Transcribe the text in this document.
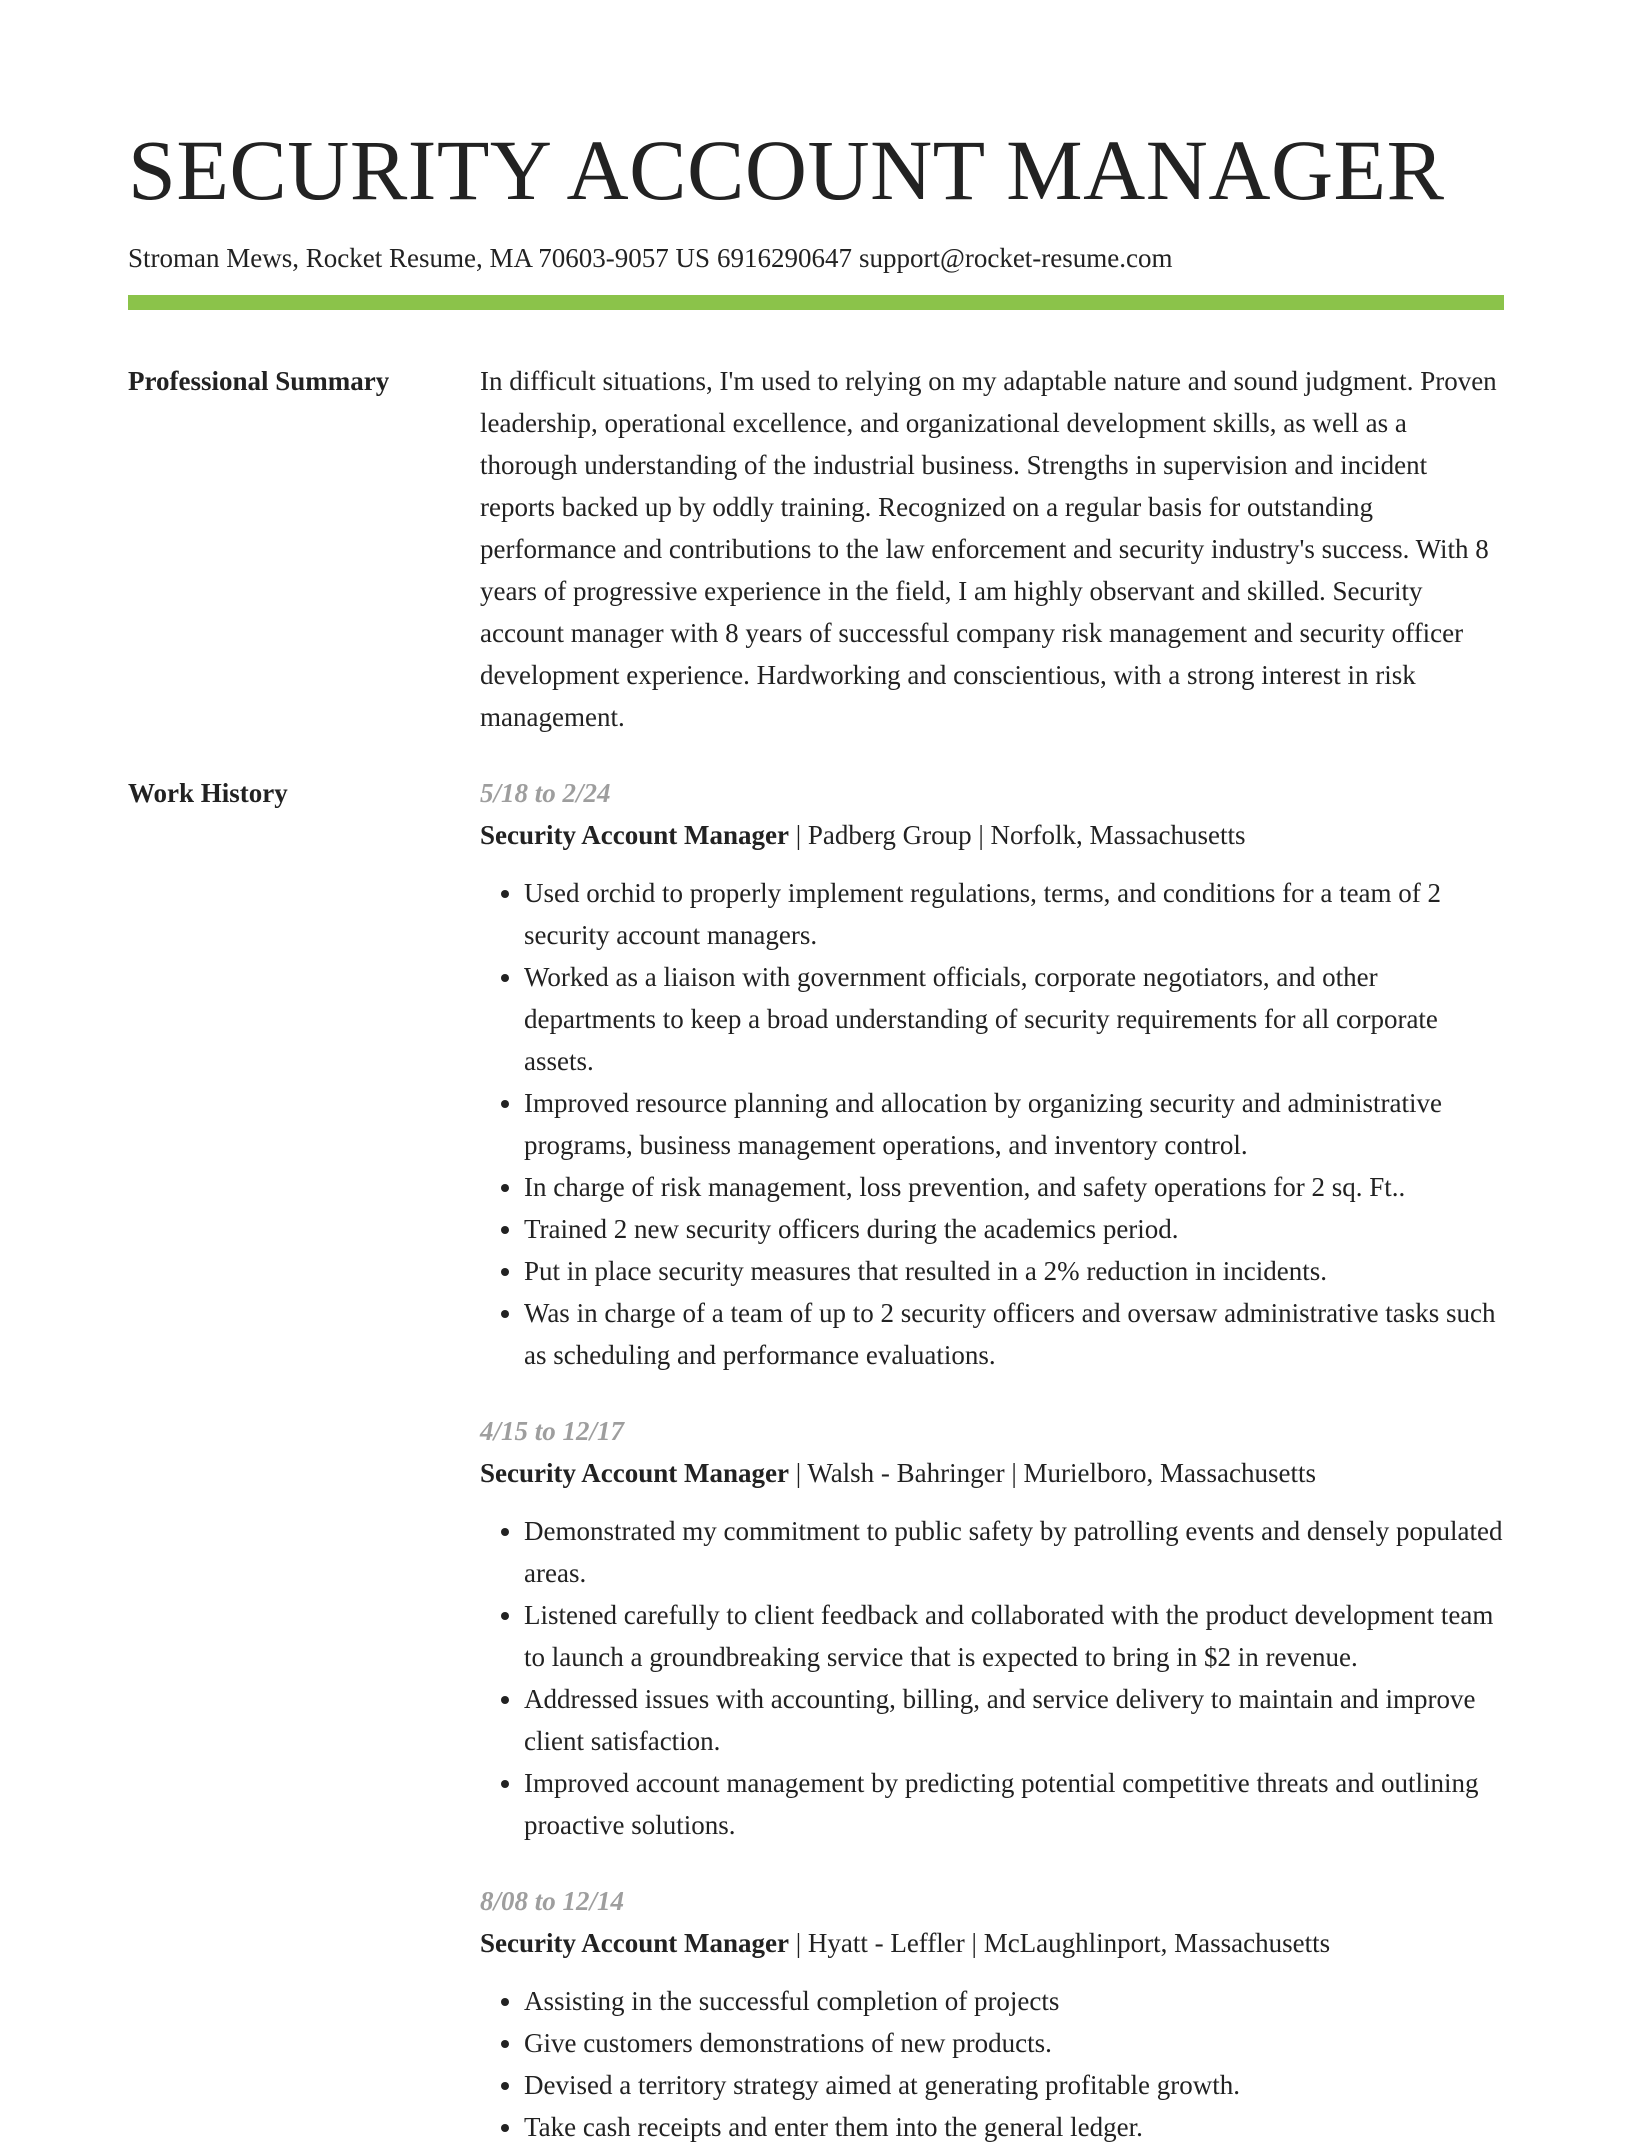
SECURITY ACCOUNT MANAGER
Stroman Mews, Rocket Resume, MA 70603-9057 US 6916290647 support@rocket-resume.com
Professional Summary	In difficult situations, I'm used to relying on my adaptable nature and sound judgment. Proven leadership, operational excellence, and organizational development skills, as well as a thorough understanding of the industrial business. Strengths in supervision and incident reports backed up by oddly training. Recognized on a regular basis for outstanding performance and contributions to the law enforcement and security industry's success. With 8 years of progressive experience in the field, I am highly observant and skilled. Security account manager with 8 years of successful company risk management and security officer development experience. Hardworking and conscientious, with a strong interest in risk management.

Work History	5/18 to 2/24
Security Account Manager | Padberg Group | Norfolk, Massachusetts
• Used orchid to properly implement regulations, terms, and conditions for a team of 2 security account managers.
• Worked as a liaison with government officials, corporate negotiators, and other departments to keep a broad understanding of security requirements for all corporate assets.
• Improved resource planning and allocation by organizing security and administrative programs, business management operations, and inventory control.
• In charge of risk management, loss prevention, and safety operations for 2 sq. Ft..
• Trained 2 new security officers during the academics period.
• Put in place security measures that resulted in a 2% reduction in incidents.
• Was in charge of a team of up to 2 security officers and oversaw administrative tasks such as scheduling and performance evaluations.
4/15 to 12/17
Security Account Manager | Walsh - Bahringer | Murielboro, Massachusetts
• Demonstrated my commitment to public safety by patrolling events and densely populated areas.
• Listened carefully to client feedback and collaborated with the product development team to launch a groundbreaking service that is expected to bring in $2 in revenue.
• Addressed issues with accounting, billing, and service delivery to maintain and improve client satisfaction.
• Improved account management by predicting potential competitive threats and outlining proactive solutions.
8/08 to 12/14
Security Account Manager | Hyatt - Leffler | McLaughlinport, Massachusetts
• Assisting in the successful completion of projects
• Give customers demonstrations of new products.
• Devised a territory strategy aimed at generating profitable growth.
• Take cash receipts and enter them into the general ledger.
